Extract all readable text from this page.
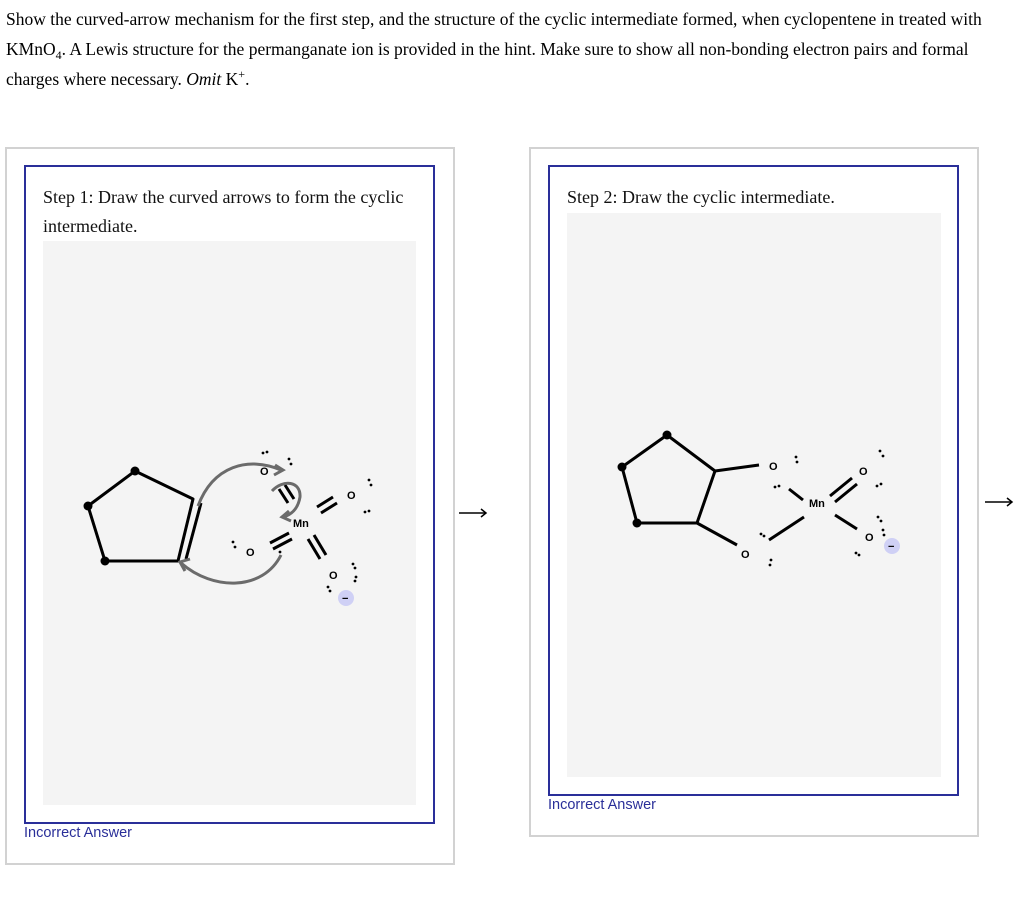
Show the curved-arrow mechanism for the first step, and the structure of the cyclic intermediate formed, when cyclopentene in treated with KMnO$_4$. A Lewis structure for the permanganate ion is provided in the hint. Make sure to show all non-bonding electron pairs and formal charges where necessary. Omit K+.
Step 1: Draw the curved arrows to form the cyclic intermediate.
O
O
O
O
Mn
−
Incorrect Answer
Step 2: Draw the cyclic intermediate.
O
O
O
O
Mn
−
Incorrect Answer
